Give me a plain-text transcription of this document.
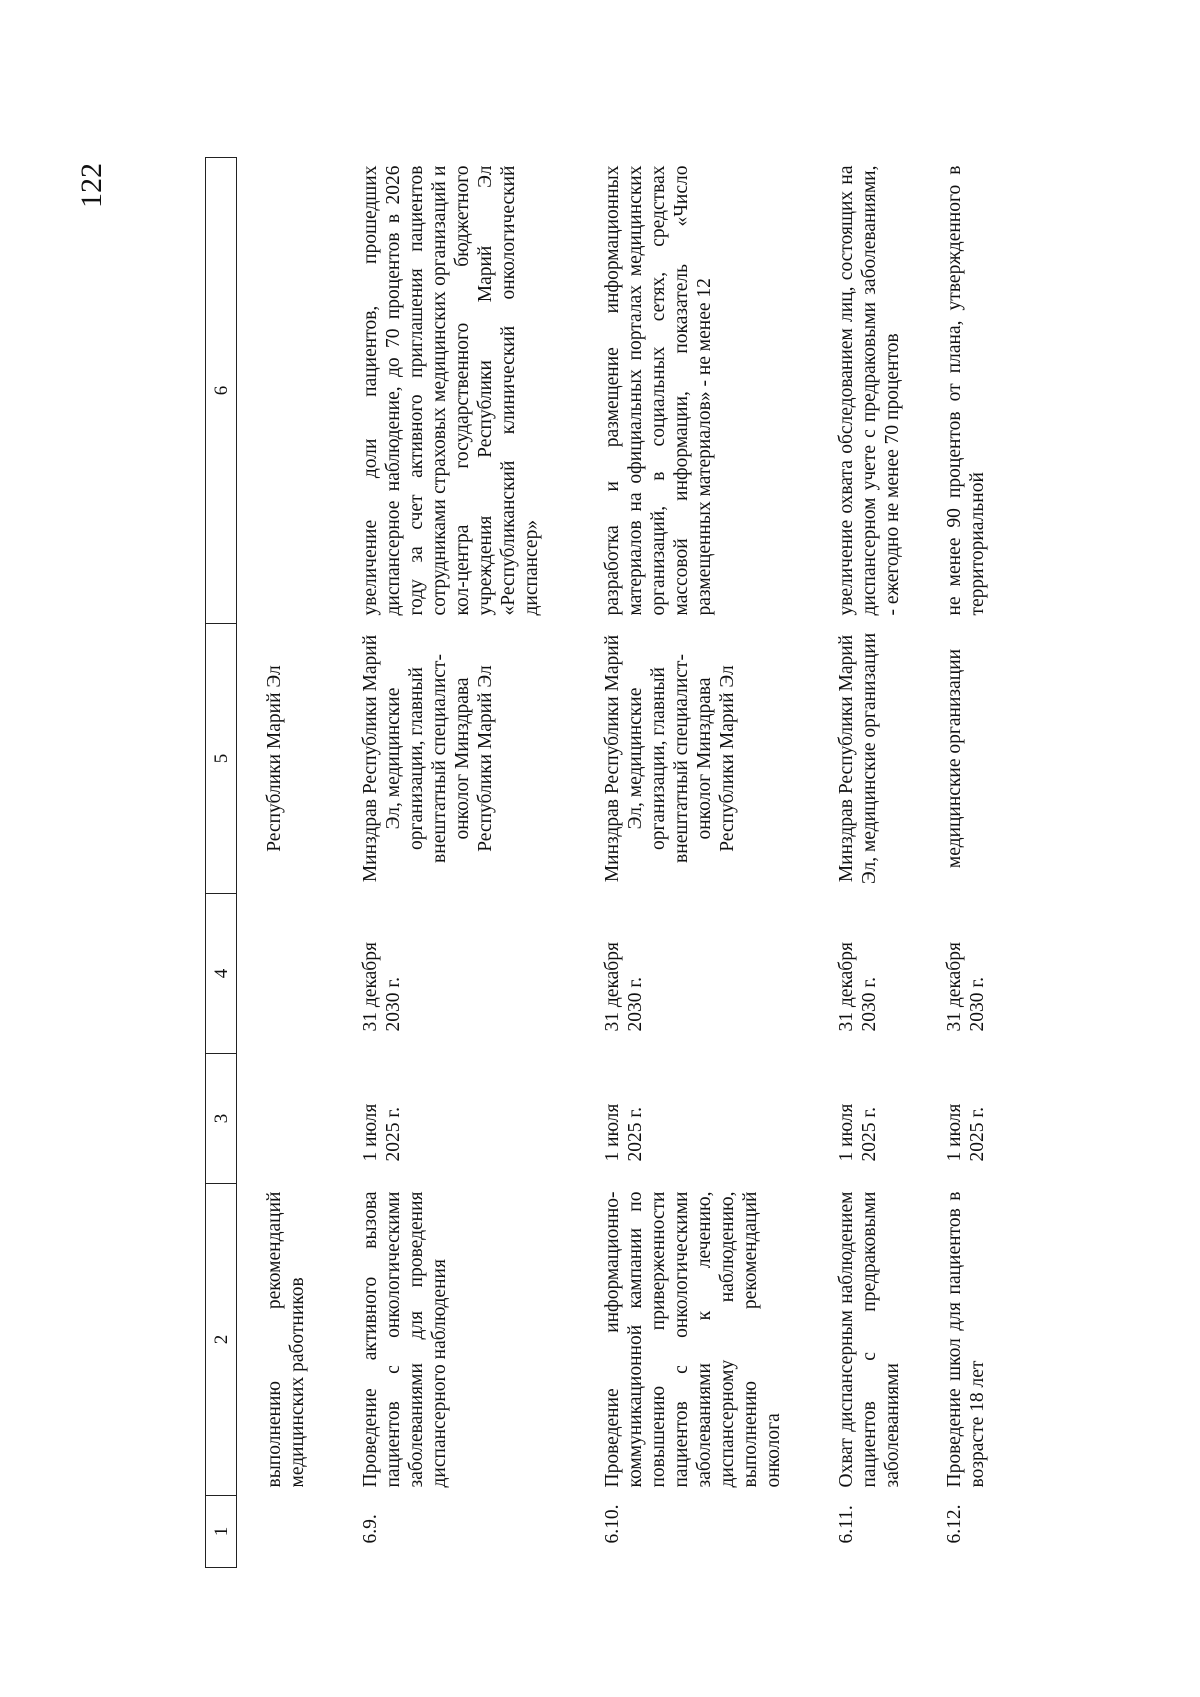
122
1	2	3	4	5	6
	выполнению рекомендаций медицинских работников			Республики Марий Эл	
6.9.	Проведение активного вызова пациентов с онкологическими заболеваниями для проведения диспансерного наблюдения	1 июля 2025 г.	31 декабря 2030 г.	Минздрав Республики Марий Эл, медицинские организации, главный внештатный специалист-онколог Минздрава Республики Марий Эл	увеличение доли пациентов, прошедших диспансерное наблюдение, до 70 процентов в 2026 году за счет активного приглашения пациентов сотрудниками страховых медицинских организаций и кол-центра государственного бюджетного учреждения Республики Марий Эл «Республиканский клинический онкологический диспансер»
6.10.	Проведение информационно-коммуникационной кампании по повышению приверженности пациентов с онкологическими заболеваниями к лечению, диспансерному наблюдению, выполнению рекомендаций онколога	1 июля 2025 г.	31 декабря 2030 г.	Минздрав Республики Марий Эл, медицинские организации, главный внештатный специалист-онколог Минздрава Республики Марий Эл	разработка и размещение информационных материалов на официальных порталах медицинских организаций, в социальных сетях, средствах массовой информации, показатель «Число размещенных материалов» - не менее 12
6.11.	Охват диспансерным наблюдением пациентов с предраковыми заболеваниями	1 июля 2025 г.	31 декабря 2030 г.	Минздрав Республики Марий Эл, медицинские организации	увеличение охвата обследованием лиц, состоящих на диспансерном учете с предраковыми заболеваниями, - ежегодно не менее 70 процентов
6.12.	Проведение школ для пациентов в возрасте 18 лет	1 июля 2025 г.	31 декабря 2030 г.	медицинские организации	не менее 90 процентов от плана, утвержденного в территориальной
